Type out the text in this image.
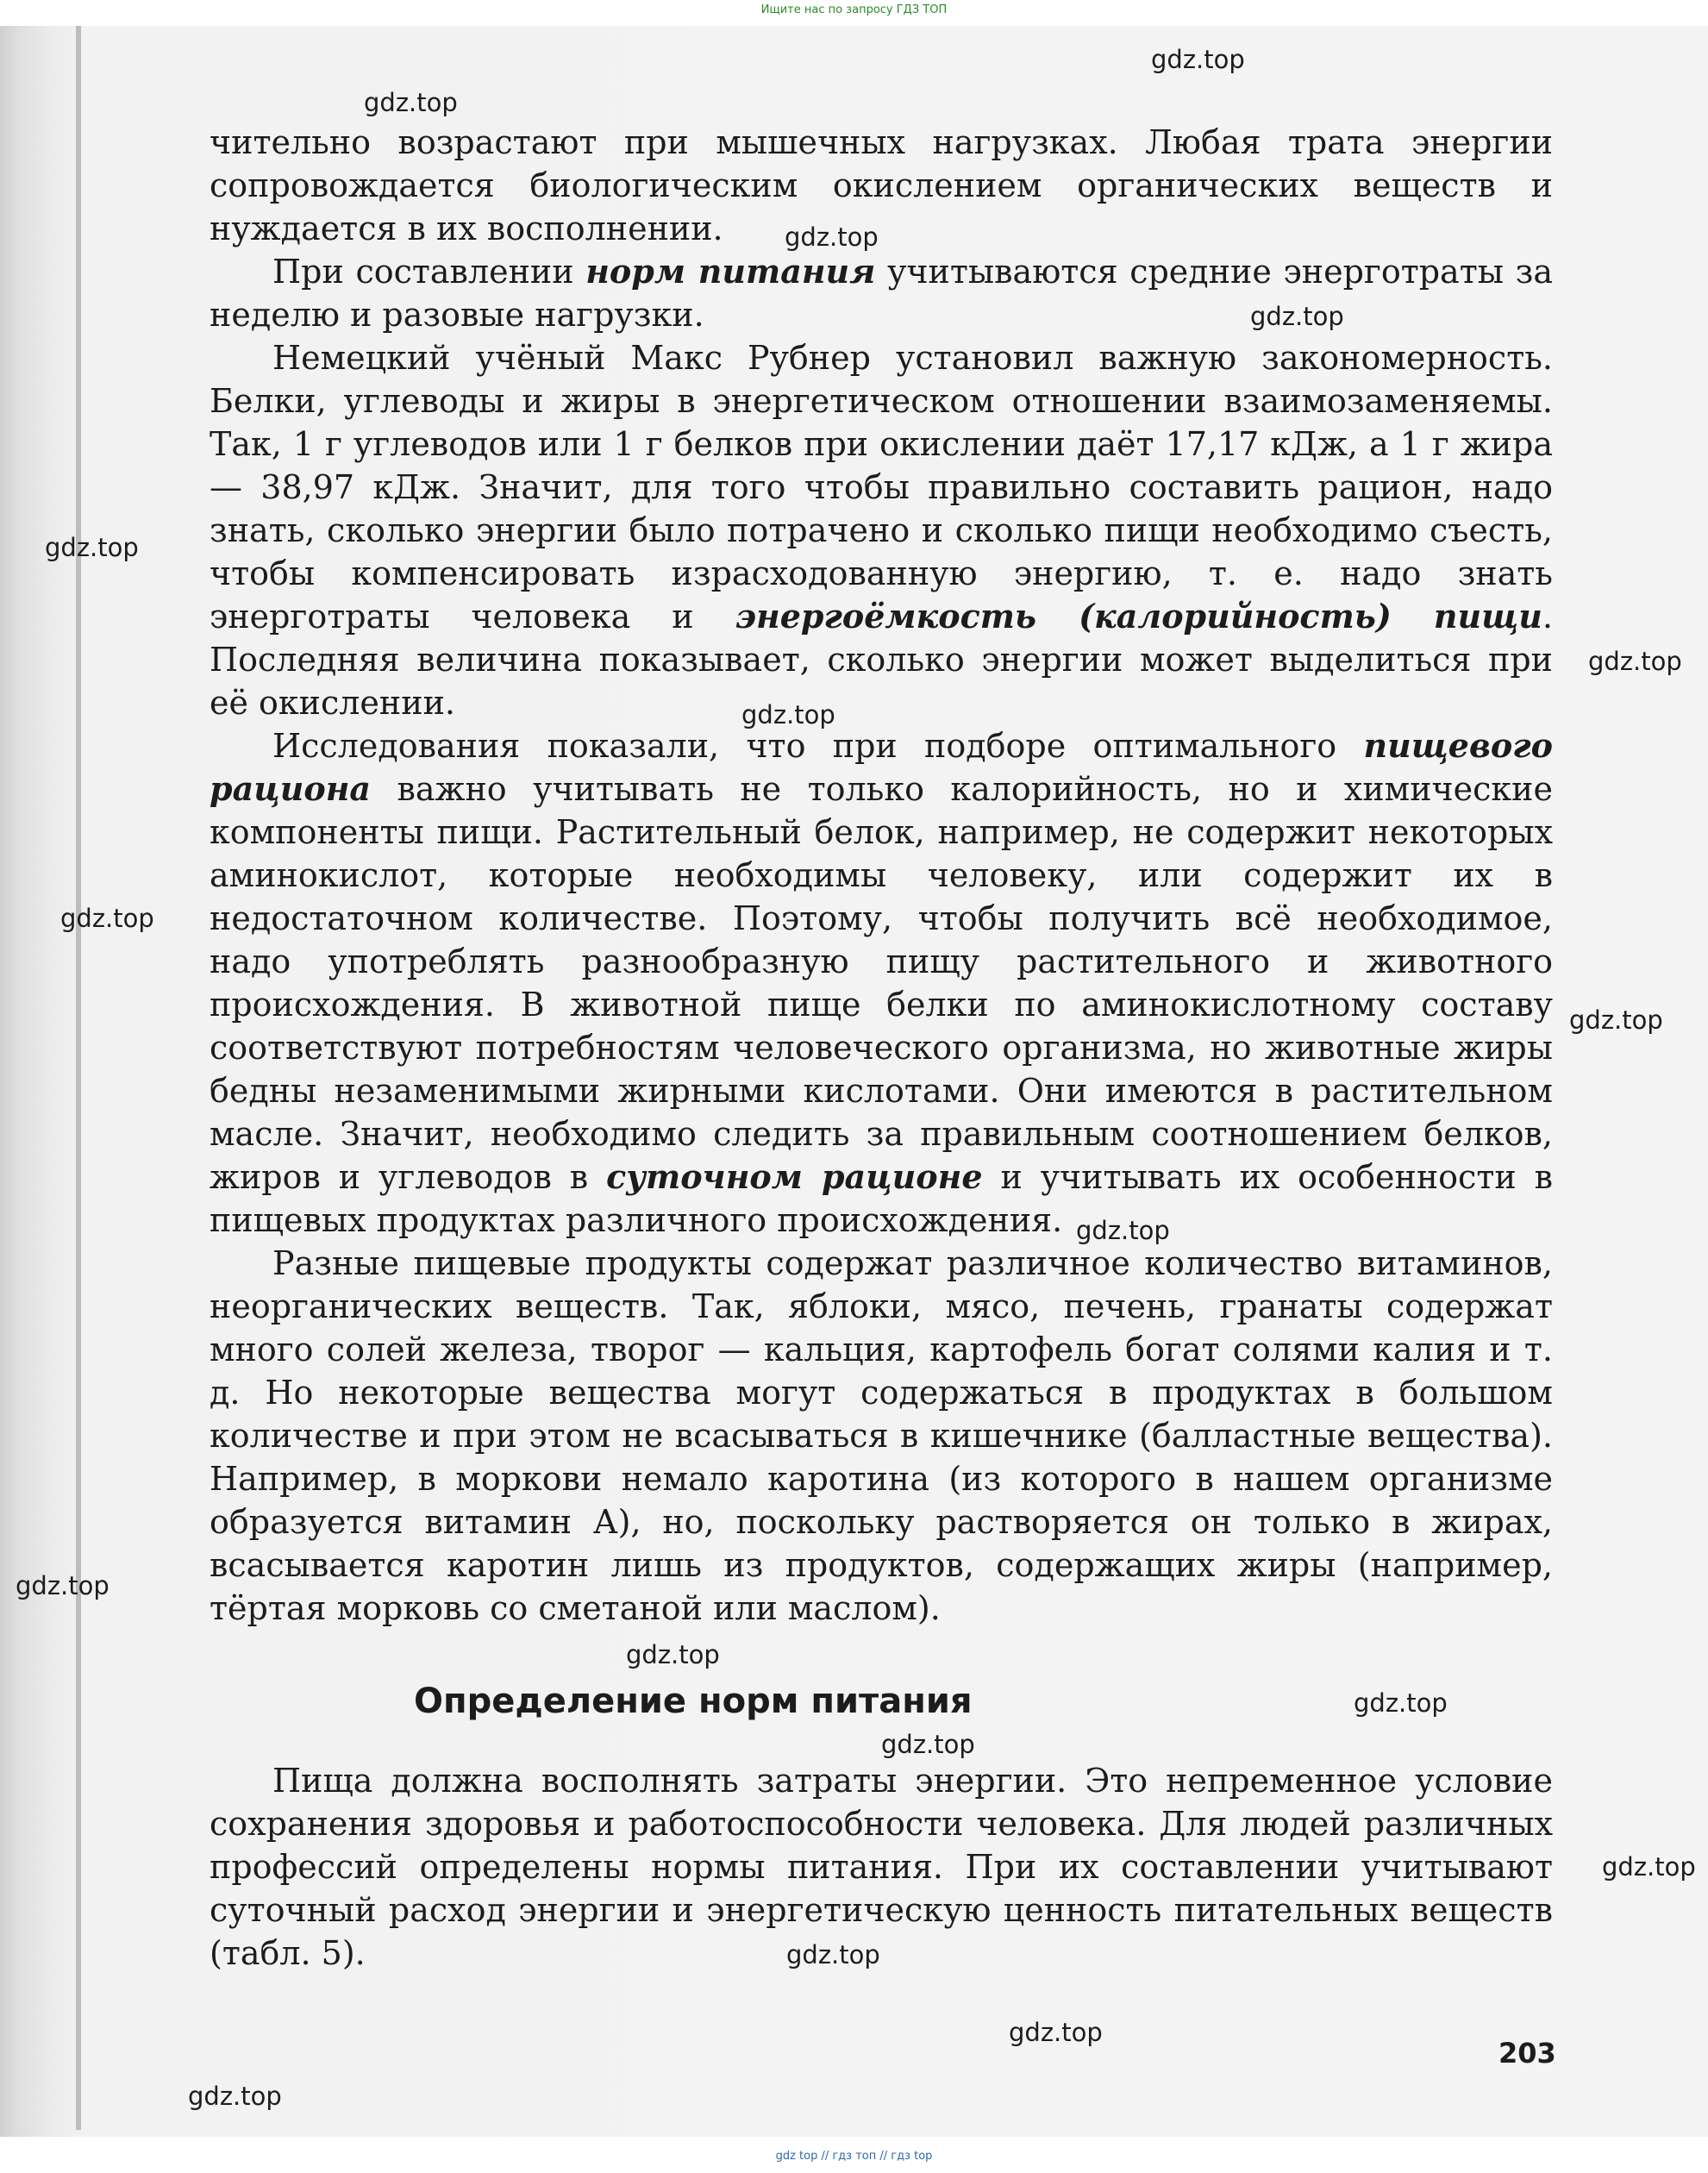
Ищите нас по запросу ГДЗ ТОП

чительно возрастают при мышечных нагрузках. Любая трата энергии сопровождается биологическим окислением органических веществ и нуждается в их восполнении.

При составлении норм питания учитываются средние энерготраты за неделю и разовые нагрузки.

Немецкий учёный Макс Рубнер установил важную закономерность. Белки, углеводы и жиры в энергетическом отношении взаимозаменяемы. Так, 1 г углеводов или 1 г белков при окислении даёт 17,17 кДж, а 1 г жира — 38,97 кДж. Значит, для того чтобы правильно составить рацион, надо знать, сколько энергии было потрачено и сколько пищи необходимо съесть, чтобы компенсировать израсходованную энергию, т. е. надо знать энерготраты человека и энергоёмкость (калорийность) пищи. Последняя величина показывает, сколько энергии может выделиться при её окислении.

Исследования показали, что при подборе оптимального пищевого рациона важно учитывать не только калорийность, но и химические компоненты пищи. Растительный белок, например, не содержит некоторых аминокислот, которые необходимы человеку, или содержит их в недостаточном количестве. Поэтому, чтобы получить всё необходимое, надо употреблять разнообразную пищу растительного и животного происхождения. В животной пище белки по аминокислотному составу соответствуют потребностям человеческого организма, но животные жиры бедны незаменимыми жирными кислотами. Они имеются в растительном масле. Значит, необходимо следить за правильным соотношением белков, жиров и углеводов в суточном рационе и учитывать их особенности в пищевых продуктах различного происхождения.

Разные пищевые продукты содержат различное количество витаминов, неорганических веществ. Так, яблоки, мясо, печень, гранаты содержат много солей железа, творог — кальция, картофель богат солями калия и т. д. Но некоторые вещества могут содержаться в продуктах в большом количестве и при этом не всасываться в кишечнике (балластные вещества). Например, в моркови немало каротина (из которого в нашем организме образуется витамин А), но, поскольку растворяется он только в жирах, всасывается каротин лишь из продуктов, содержащих жиры (например, тёртая морковь со сметаной или маслом).

Определение норм питания

Пища должна восполнять затраты энергии. Это непременное условие сохранения здоровья и работоспособности человека. Для людей различных профессий определены нормы питания. При их составлении учитывают суточный расход энергии и энергетическую ценность питательных веществ (табл. 5).

203
gdz.top
gdz.top
gdz.top
gdz.top
gdz.top
gdz.top
gdz.top
gdz.top
gdz.top
gdz.top
gdz.top
gdz.top
gdz.top
gdz.top
gdz.top
gdz.top
gdz.top
gdz.top
gdz top // гдз топ // гдз top
